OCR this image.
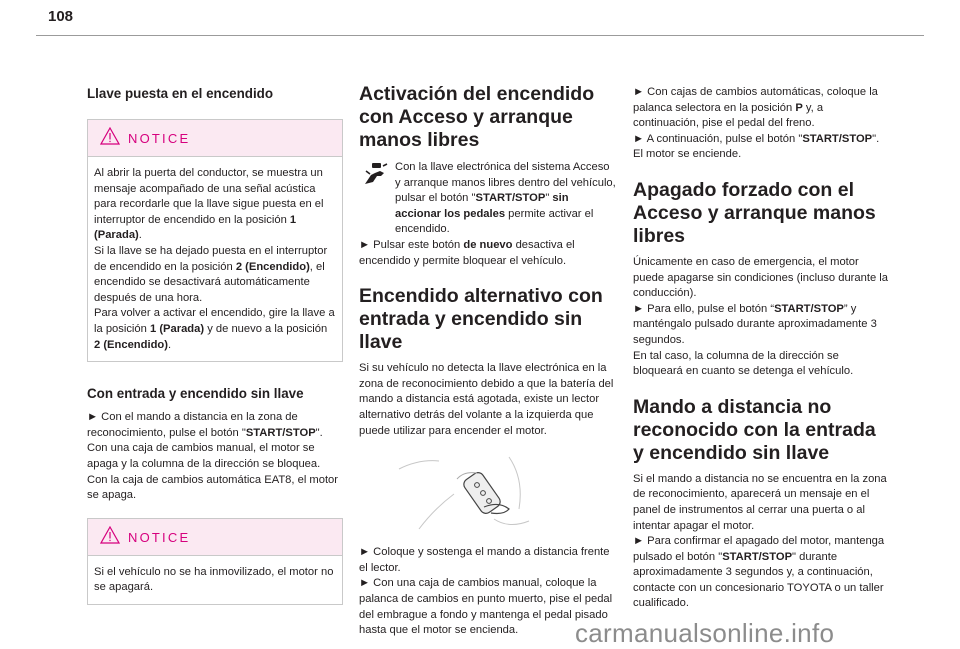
108
Llave puesta en el encendido
NOTICE

Al abrir la puerta del conductor, se muestra un mensaje acompañado de una señal acústica para recordarle que la llave sigue puesta en el interruptor de encendido en la posición 1 (Parada).

Si la llave se ha dejado puesta en el interruptor de encendido en la posición 2 (Encendido), el encendido se desactivará automáticamente después de una hora.

Para volver a activar el encendido, gire la llave a la posición 1 (Parada) y de nuevo a la posición 2 (Encendido).

Con entrada y encendido sin llave

► Con el mando a distancia en la zona de reconocimiento, pulse el botón "START/STOP".

Con una caja de cambios manual, el motor se apaga y la columna de la dirección se bloquea.

Con la caja de cambios automática EAT8, el motor se apaga.

NOTICE

Si el vehículo no se ha inmovilizado, el motor no se apagará.

Activación del encendido con Acceso y arranque manos libres

Con la llave electrónica del sistema Acceso y arranque manos libres dentro del vehículo, pulsar el botón "START/STOP" sin accionar los pedales permite activar el encendido.

► Pulsar este botón de nuevo desactiva el encendido y permite bloquear el vehículo.

Encendido alternativo con entrada y encendido sin llave

Si su vehículo no detecta la llave electrónica en la zona de reconocimiento debido a que la batería del mando a distancia está agotada, existe un lector alternativo detrás del volante a la izquierda que puede utilizar para encender el motor.

► Coloque y sostenga el mando a distancia frente el lector.

► Con una caja de cambios manual, coloque la palanca de cambios en punto muerto, pise el pedal del embrague a fondo y mantenga el pedal pisado hasta que el motor se encienda.

► Con cajas de cambios automáticas, coloque la palanca selectora en la posición P y, a continuación, pise el pedal del freno.

► A continuación, pulse el botón "START/STOP".

El motor se enciende.

Apagado forzado con el Acceso y arranque manos libres

Únicamente en caso de emergencia, el motor puede apagarse sin condiciones (incluso durante la conducción).

► Para ello, pulse el botón “START/STOP” y manténgalo pulsado durante aproximadamente 3 segundos.

En tal caso, la columna de la dirección se bloqueará en cuanto se detenga el vehículo.

Mando a distancia no reconocido con la entrada y encendido sin llave

Si el mando a distancia no se encuentra en la zona de reconocimiento, aparecerá un mensaje en el panel de instrumentos al cerrar una puerta o al intentar apagar el motor.

► Para confirmar el apagado del motor, mantenga pulsado el botón "START/STOP" durante aproximadamente 3 segundos y, a continuación, contacte con un concesionario TOYOTA o un taller cualificado.

carmanualsonline.info
